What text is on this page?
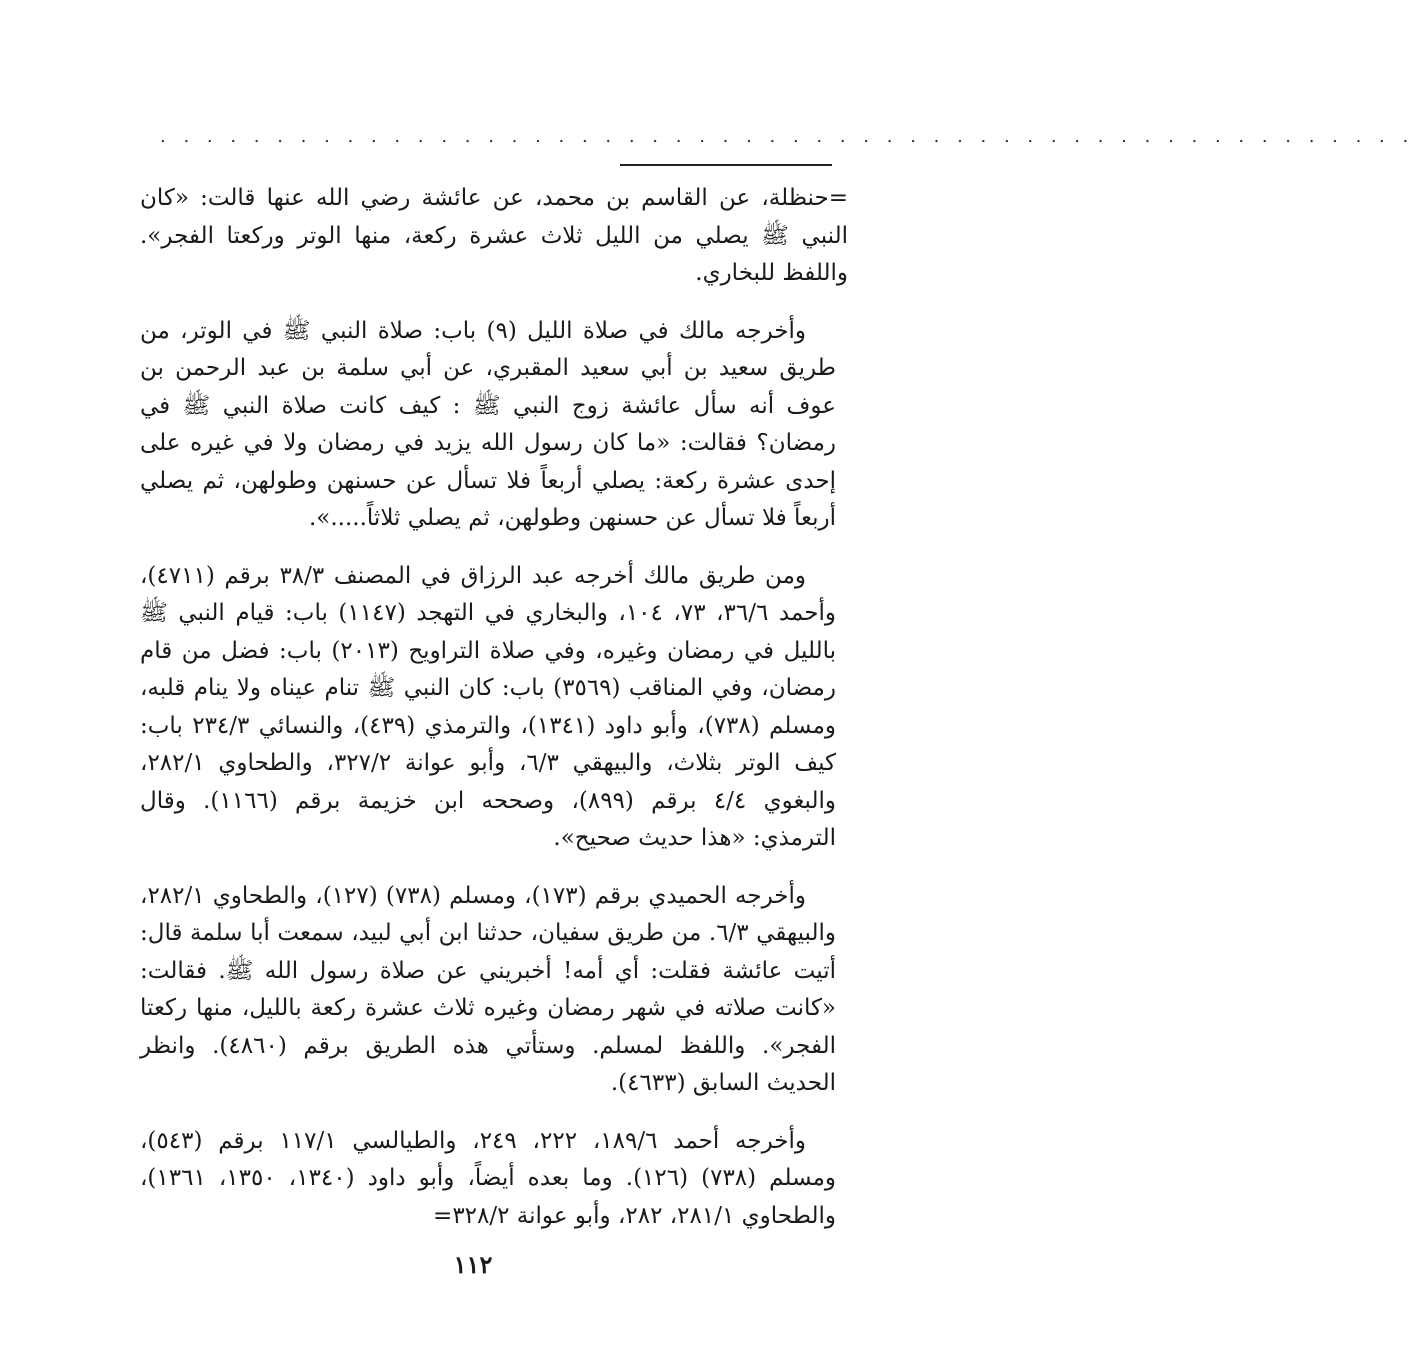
. . . . . . . . . . . . . . . . . . . . . . . . . . . . . . . . . . . . . . . . . . . . . . . . . . . . . .

=حنظلة، عن القاسم بن محمد، عن عائشة رضي الله عنها قالت: «كان النبي ﷺ يصلي من الليل ثلاث عشرة ركعة، منها الوتر وركعتا الفجر». واللفظ للبخاري.

وأخرجه مالك في صلاة الليل (٩) باب: صلاة النبي ﷺ في الوتر، من طريق سعيد بن أبي سعيد المقبري، عن أبي سلمة بن عبد الرحمن بن عوف أنه سأل عائشة زوج النبي ﷺ : كيف كانت صلاة النبي ﷺ في رمضان؟ فقالت: «ما كان رسول الله يزيد في رمضان ولا في غيره على إحدى عشرة ركعة: يصلي أربعاً فلا تسأل عن حسنهن وطولهن، ثم يصلي أربعاً فلا تسأل عن حسنهن وطولهن، ثم يصلي ثلاثاً.....».

ومن طريق مالك أخرجه عبد الرزاق في المصنف ٣٨/٣ برقم (٤٧١١)، وأحمد ٣٦/٦، ٧٣، ١٠٤، والبخاري في التهجد (١١٤٧) باب: قيام النبي ﷺ بالليل في رمضان وغيره، وفي صلاة التراويح (٢٠١٣) باب: فضل من قام رمضان، وفي المناقب (٣٥٦٩) باب: كان النبي ﷺ تنام عيناه ولا ينام قلبه، ومسلم (٧٣٨)، وأبو داود (١٣٤١)، والترمذي (٤٣٩)، والنسائي ٢٣٤/٣ باب: كيف الوتر بثلاث، والبيهقي ٦/٣، وأبو عوانة ٣٢٧/٢، والطحاوي ٢٨٢/١، والبغوي ٤/٤ برقم (٨٩٩)، وصححه ابن خزيمة برقم (١١٦٦). وقال الترمذي: «هذا حديث صحيح».

وأخرجه الحميدي برقم (١٧٣)، ومسلم (٧٣٨) (١٢٧)، والطحاوي ٢٨٢/١، والبيهقي ٦/٣. من طريق سفيان، حدثنا ابن أبي لبيد، سمعت أبا سلمة قال: أتيت عائشة فقلت: أي أمه! أخبريني عن صلاة رسول الله ﷺ. فقالت: «كانت صلاته في شهر رمضان وغيره ثلاث عشرة ركعة بالليل، منها ركعتا الفجر». واللفظ لمسلم. وستأتي هذه الطريق برقم (٤٨٦٠). وانظر الحديث السابق (٤٦٣٣).

وأخرجه أحمد ١٨٩/٦، ٢٢٢، ٢٤٩، والطيالسي ١١٧/١ برقم (٥٤٣)، ومسلم (٧٣٨) (١٢٦). وما بعده أيضاً، وأبو داود (١٣٤٠، ١٣٥٠، ١٣٦١)، والطحاوي ٢٨١/١، ٢٨٢، وأبو عوانة ٣٢٨/٢=

١١٢
